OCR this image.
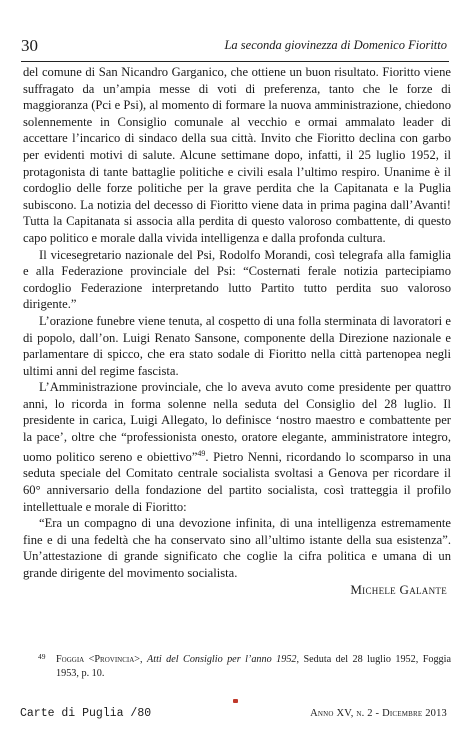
30	La seconda giovinezza di Domenico Fioritto

del comune di San Nicandro Garganico, che ottiene un buon risultato. Fioritto viene suffragato da un’ampia messe di voti di preferenza, tanto che le forze di maggioranza (Pci e Psi), al momento di formare la nuova amministrazione, chiedono solennemente in Consiglio comunale al vecchio e ormai ammalato leader di accettare l’incarico di sindaco della sua città. Invito che Fioritto declina con garbo per evidenti motivi di salute. Alcune settimane dopo, infatti, il 25 luglio 1952, il protagonista di tante battaglie politiche e civili esala l’ultimo respiro. Unanime è il cordoglio delle forze politiche per la grave perdita che la Capitanata e la Puglia subiscono. La notizia del decesso di Fioritto viene data in prima pagina dall’Avanti! Tutta la Capitanata si associa alla perdita di questo valoroso combattente, di questo capo politico e morale dalla vivida intelligenza e dalla profonda cultura.

Il vicesegretario nazionale del Psi, Rodolfo Morandi, così telegrafa alla famiglia e alla Federazione provinciale del Psi: “Costernati ferale notizia partecipiamo cordoglio Federazione interpretando lutto Partito tutto perdita suo valoroso dirigente.”

L’orazione funebre viene tenuta, al cospetto di una folla sterminata di lavoratori e di popolo, dall’on. Luigi Renato Sansone, componente della Direzione nazionale e parlamentare di spicco, che era stato sodale di Fioritto nella città partenopea negli ultimi anni del regime fascista.

L’Amministrazione provinciale, che lo aveva avuto come presidente per quattro anni, lo ricorda in forma solenne nella seduta del Consiglio del 28 luglio. Il presidente in carica, Luigi Allegato, lo definisce ‘nostro maestro e combattente per la pace’, oltre che “professionista onesto, oratore elegante, amministratore integro, uomo politico sereno e obiettivo”$^{49}$. Pietro Nenni, ricordando lo scomparso in una seduta speciale del Comitato centrale socialista svoltasi a Genova per ricordare il 60° anniversario della fondazione del partito socialista, così tratteggia il profilo intellettuale e morale di Fioritto:

“Era un compagno di una devozione infinita, di una intelligenza estremamente fine e di una fedeltà che ha conservato sino all’ultimo istante della sua esistenza”. Un’attestazione di grande significato che coglie la cifra politica e umana di un grande dirigente del movimento socialista.

Michele Galante
49 Foggia <Provincia>, Atti del Consiglio per l’anno 1952, Seduta del 28 luglio 1952, Foggia 1953, p. 10.
Carte di Puglia /80	Anno XV, n. 2 - Dicembre 2013
